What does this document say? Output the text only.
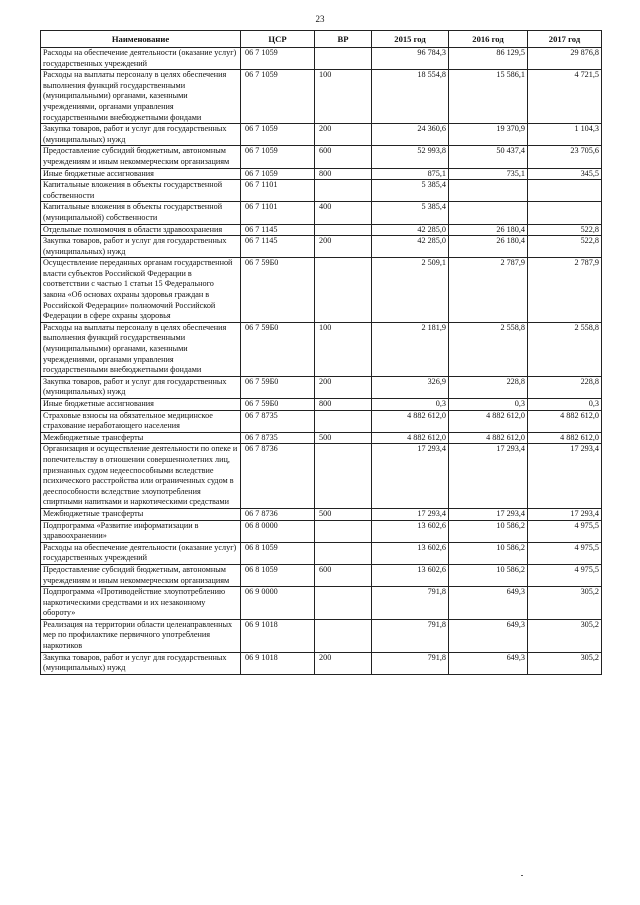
23
Наименование	ЦСР	ВР	2015 год	2016 год	2017 год
Расходы на обеспечение деятельности (оказание услуг) государственных учреждений	06 7 1059		96 784,3	86 129,5	29 876,8
Расходы на выплаты персоналу в целях обеспечения выполнения функций государственными (муниципальными) органами, казенными учреждениями, органами управления государственными внебюджетными фондами	06 7 1059	100	18 554,8	15 586,1	4 721,5
Закупка товаров, работ и услуг для государственных (муниципальных) нужд	06 7 1059	200	24 360,6	19 370,9	1 104,3
Предоставление субсидий бюджетным, автономным учреждениям и иным некоммерческим организациям	06 7 1059	600	52 993,8	50 437,4	23 705,6
Иные бюджетные ассигнования	06 7 1059	800	875,1	735,1	345,5
Капитальные вложения в объекты государственной собственности	06 7 1101		5 385,4		
Капитальные вложения в объекты государственной (муниципальной) собственности	06 7 1101	400	5 385,4		
Отдельные полномочия в области здравоохранения	06 7 1145		42 285,0	26 180,4	522,8
Закупка товаров, работ и услуг для государственных (муниципальных) нужд	06 7 1145	200	42 285,0	26 180,4	522,8
Осуществление переданных органам государственной власти субъектов Российской Федерации в соответствии с частью 1 статьи 15 Федерального закона «Об основах охраны здоровья граждан в Российской Федерации» полномочий Российской Федерации в сфере охраны здоровья	06 7 59Б0		2 509,1	2 787,9	2 787,9
Расходы на выплаты персоналу в целях обеспечения выполнения функций государственными (муниципальными) органами, казенными учреждениями, органами управления государственными внебюджетными фондами	06 7 59Б0	100	2 181,9	2 558,8	2 558,8
Закупка товаров, работ и услуг для государственных (муниципальных) нужд	06 7 59Б0	200	326,9	228,8	228,8
Иные бюджетные ассигнования	06 7 59Б0	800	0,3	0,3	0,3
Страховые взносы на обязательное медицинское страхование неработающего населения	06 7 8735		4 882 612,0	4 882 612,0	4 882 612,0
Межбюджетные трансферты	06 7 8735	500	4 882 612,0	4 882 612,0	4 882 612,0
Организация и осуществление деятельности по опеке и попечительству в отношении совершеннолетних лиц, признанных судом недееспособными вследствие психического расстройства или ограниченных судом в дееспособности вследствие злоупотребления спиртными напитками и наркотическими средствами	06 7 8736		17 293,4	17 293,4	17 293,4
Межбюджетные трансферты	06 7 8736	500	17 293,4	17 293,4	17 293,4
Подпрограмма «Развитие информатизации в здравоохранении»	06 8 0000		13 602,6	10 586,2	4 975,5
Расходы на обеспечение деятельности (оказание услуг) государственных учреждений	06 8 1059		13 602,6	10 586,2	4 975,5
Предоставление субсидий бюджетным, автономным учреждениям и иным некоммерческим организациям	06 8 1059	600	13 602,6	10 586,2	4 975,5
Подпрограмма «Противодействие злоупотреблению наркотическими средствами и их незаконному обороту»	06 9 0000		791,8	649,3	305,2
Реализация на территории области целенаправленных мер по профилактике первичного употребления наркотиков	06 9 1018		791,8	649,3	305,2
Закупка товаров, работ и услуг для государственных (муниципальных) нужд	06 9 1018	200	791,8	649,3	305,2
